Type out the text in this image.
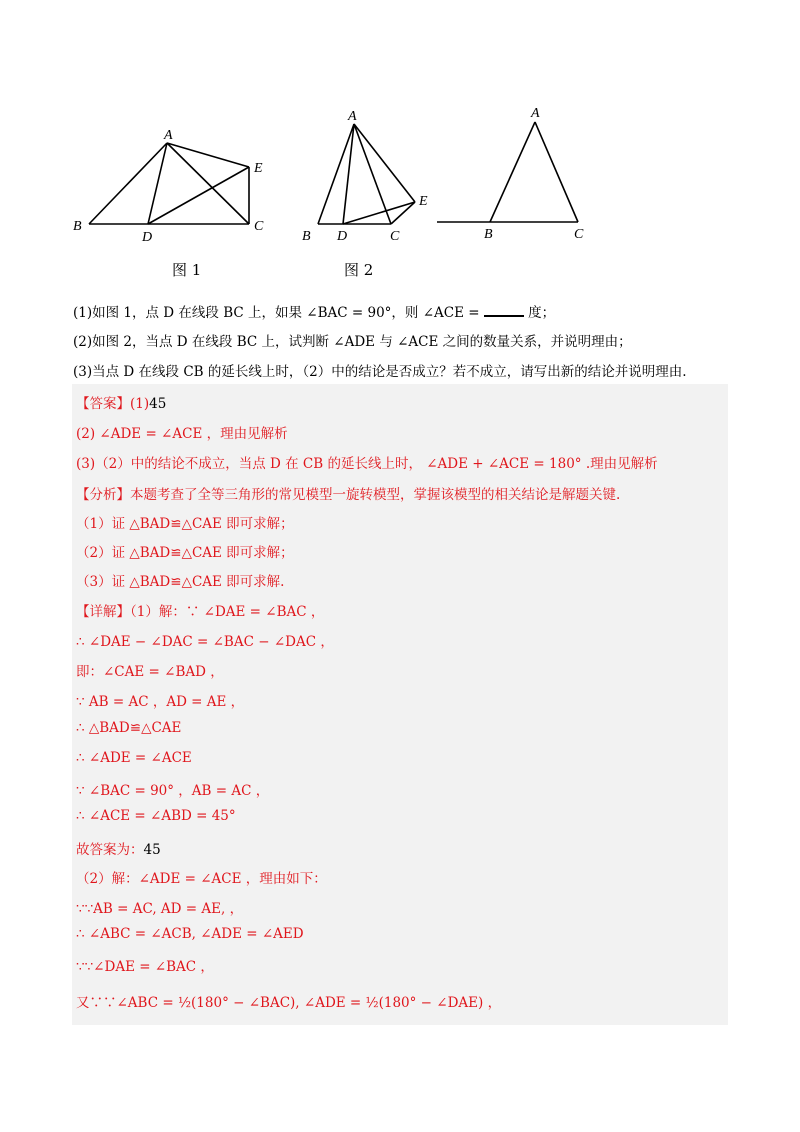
A
B	C
D
E
A
B	C
D
E
A
B	C
图 1	图 2
(1)如图 1，点 D 在线段 BC 上，如果 ∠BAC = 90°，则 ∠ACE =	度；
(2)如图 2，当点 D 在线段 BC 上，试判断 ∠ADE 与 ∠ACE 之间的数量关系，并说明理由；
(3)当点 D 在线段 CB 的延长线上时，（2）中的结论是否成立？若不成立，请写出新的结论并说明理由.
【答案】(1)45
(2) ∠ADE = ∠ACE ，理由见解析
(3)（2）中的结论不成立，当点 D 在 CB 的延长线上时， ∠ADE + ∠ACE = 180° .理由见解析
【分析】本题考查了全等三角形的常见模型一旋转模型，掌握该模型的相关结论是解题关键.
（1）证 △BAD≌△CAE 即可求解；
（2）证 △BAD≌△CAE 即可求解；
（3）证 △BAD≌△CAE 即可求解.
【详解】（1）解：∵ ∠DAE = ∠BAC ，
∴ ∠DAE − ∠DAC = ∠BAC − ∠DAC ，
即：∠CAE = ∠BAD ，
∵ AB = AC ，AD = AE ，
∴ △BAD≌△CAE
∴ ∠ADE = ∠ACE
∵ ∠BAC = 90° ，AB = AC ，
∴ ∠ACE = ∠ABD = 45°
故答案为：45
（2）解：∠ADE = ∠ACE ，理由如下：
∵∵AB = AC, AD = AE, ，
∴ ∠ABC = ∠ACB, ∠ADE = ∠AED
∵∵∠DAE = ∠BAC ，
又∵∵∠ABC = ½(180° − ∠BAC), ∠ADE = ½(180° − ∠DAE) ，
